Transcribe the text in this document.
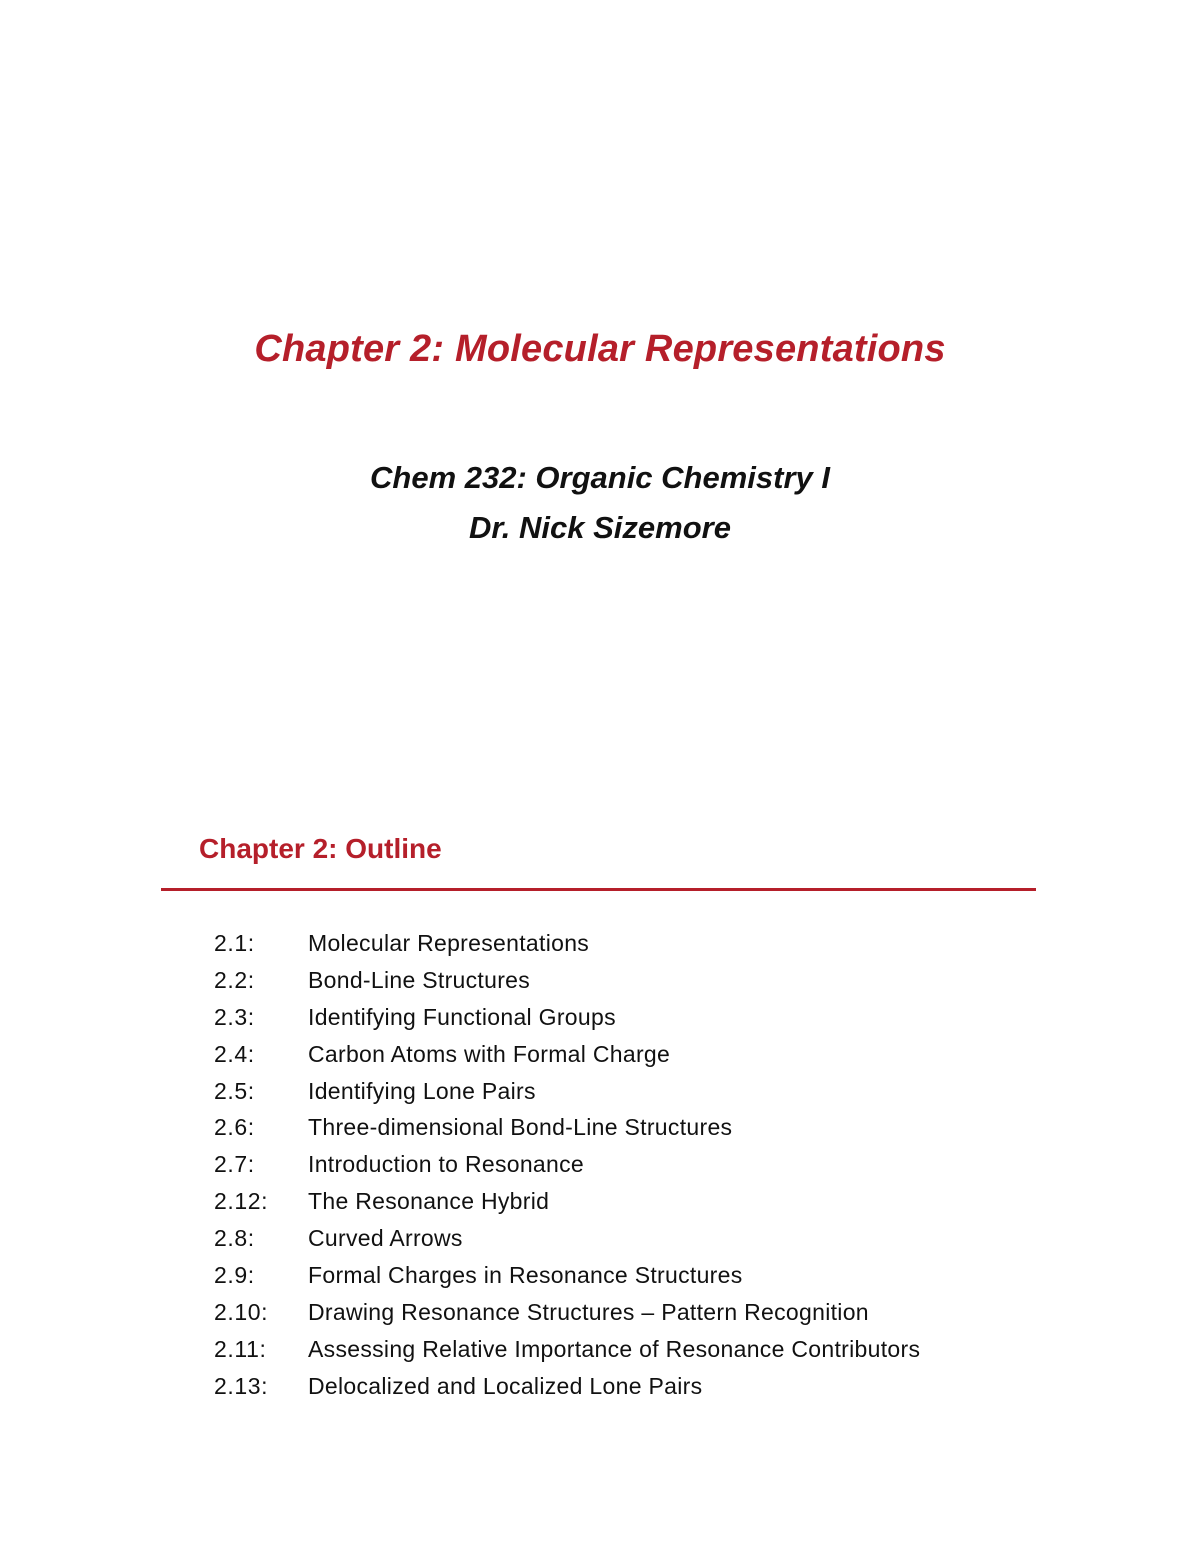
Chapter 2: Molecular Representations
Chem 232: Organic Chemistry I
Dr. Nick Sizemore
Chapter 2: Outline
2.1:	Molecular Representations
2.2:	Bond-Line Structures
2.3:	Identifying Functional Groups
2.4:	Carbon Atoms with Formal Charge
2.5:	Identifying Lone Pairs
2.6:	Three-dimensional Bond-Line Structures
2.7:	Introduction to Resonance
2.12:	The Resonance Hybrid
2.8:	Curved Arrows
2.9:	Formal Charges in Resonance Structures
2.10:	Drawing Resonance Structures – Pattern Recognition
2.11:	Assessing Relative Importance of Resonance Contributors
2.13:	Delocalized and Localized Lone Pairs
